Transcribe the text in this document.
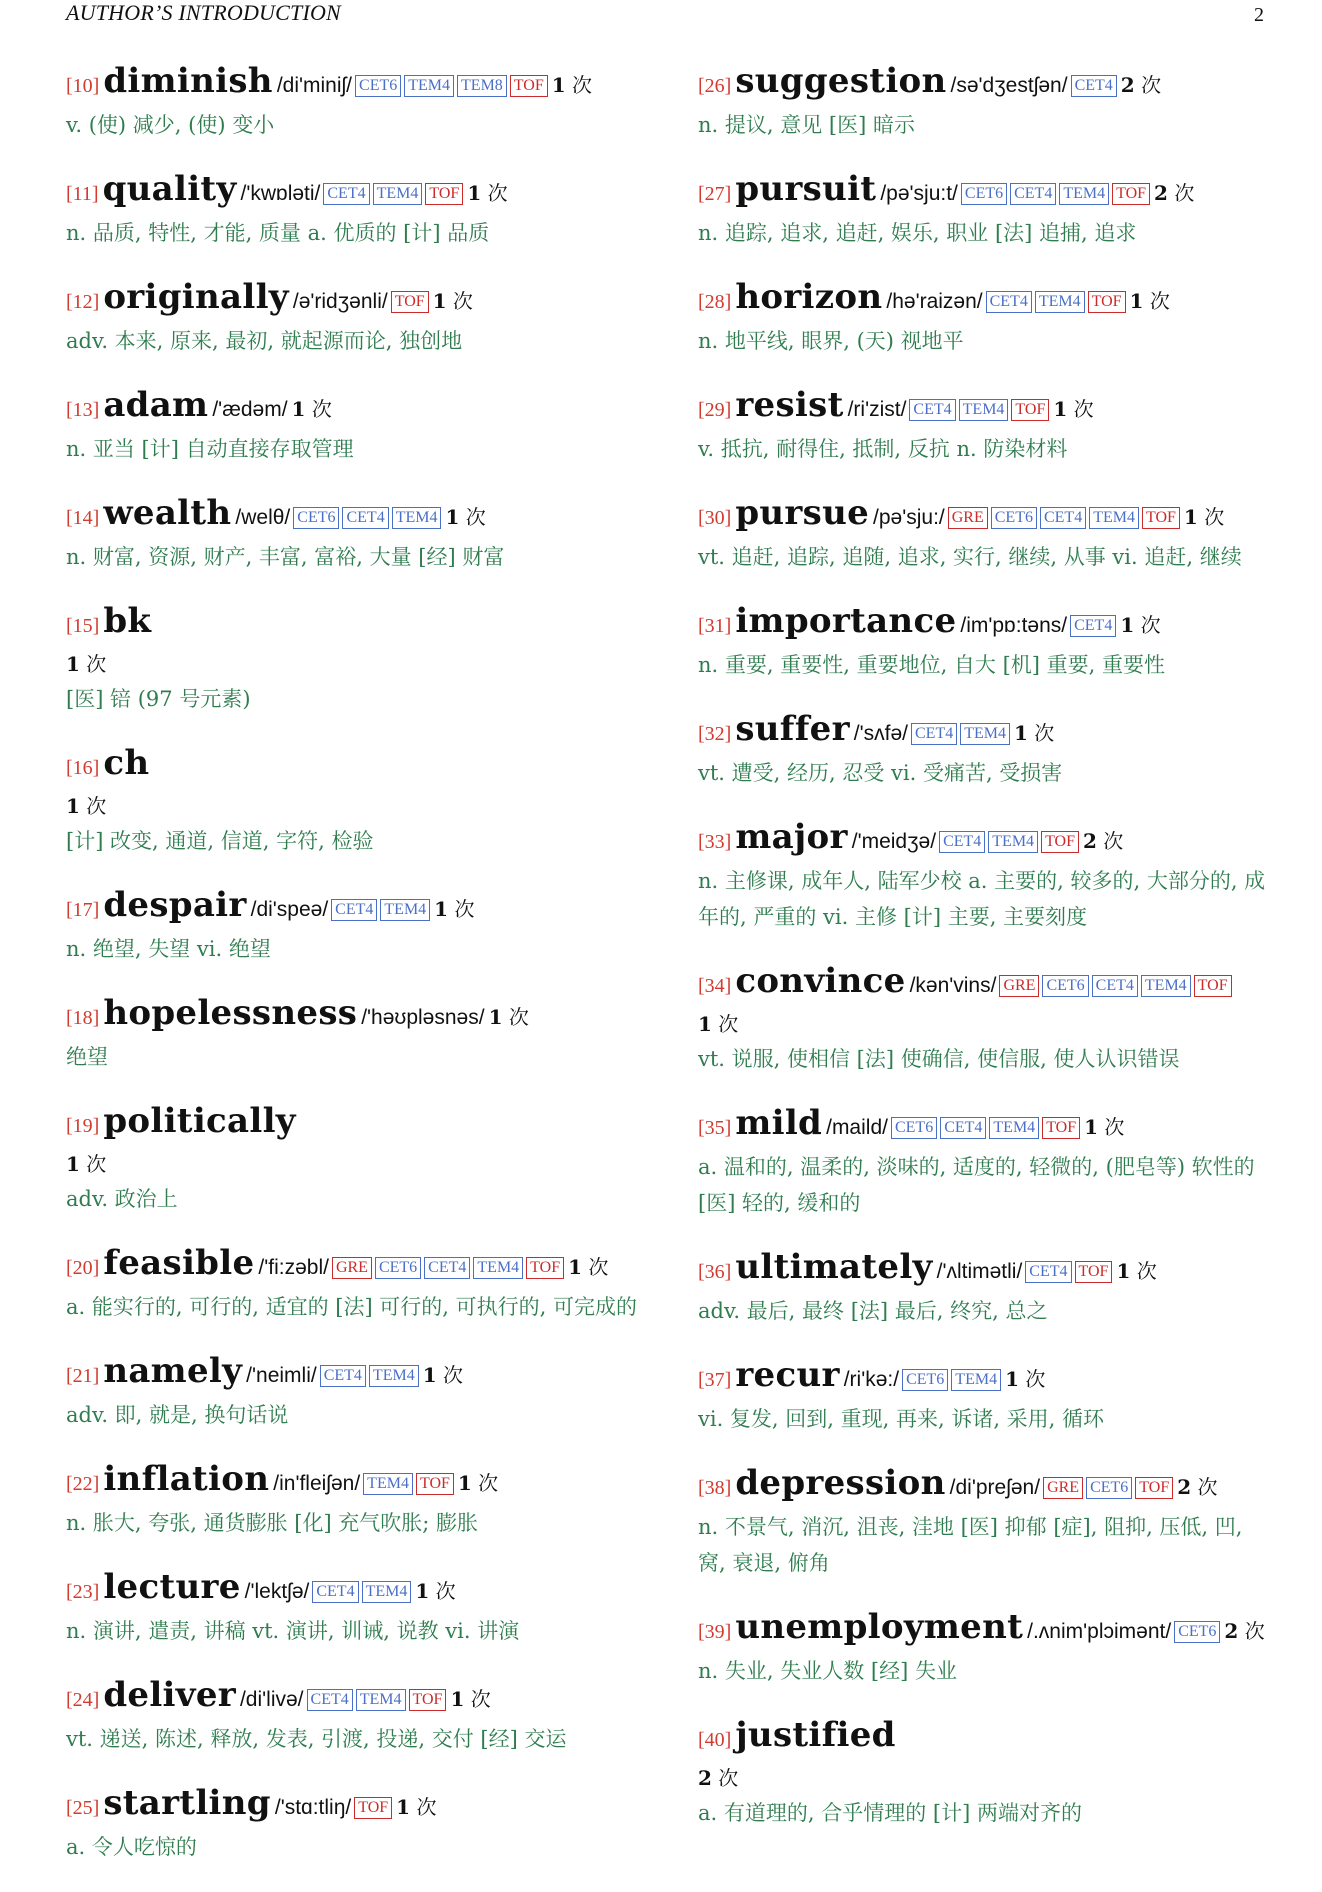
AUTHOR’S INTRODUCTION	2
[10] diminish /di'miniʃ/ CET6 TEM4 TEM8 TOF 1 次
v. (使) 减少, (使) 变小
[11] quality /'kwɒləti/ CET4 TEM4 TOF 1 次
n. 品质, 特性, 才能, 质量 a. 优质的 [计] 品质
[12] originally /ə'ridʒənli/ TOF 1 次
adv. 本来, 原来, 最初, 就起源而论, 独创地
[13] adam /'ædəm/ 1 次
n. 亚当 [计] 自动直接存取管理
[14] wealth /welθ/ CET6 CET4 TEM4 1 次
n. 财富, 资源, 财产, 丰富, 富裕, 大量 [经] 财富
[15] bk
1 次
[医] 锫 (97 号元素)
[16] ch
1 次
[计] 改变, 通道, 信道, 字符, 检验
[17] despair /di'speə/ CET4 TEM4 1 次
n. 绝望, 失望 vi. 绝望
[18] hopelessness /'həʊpləsnəs/ 1 次
绝望
[19] politically
1 次
adv. 政治上
[20] feasible /'fi:zəbl/ GRE CET6 CET4 TEM4 TOF 1 次
a. 能实行的, 可行的, 适宜的 [法] 可行的, 可执行的, 可完成的
[21] namely /'neimli/ CET4 TEM4 1 次
adv. 即, 就是, 换句话说
[22] inflation /in'fleiʃən/ TEM4 TOF 1 次
n. 胀大, 夸张, 通货膨胀 [化] 充气吹胀; 膨胀
[23] lecture /'lektʃə/ CET4 TEM4 1 次
n. 演讲, 遣责, 讲稿 vt. 演讲, 训诫, 说教 vi. 讲演
[24] deliver /di'livə/ CET4 TEM4 TOF 1 次
vt. 递送, 陈述, 释放, 发表, 引渡, 投递, 交付 [经] 交运
[25] startling /'stɑ:tliŋ/ TOF 1 次
a. 令人吃惊的
[26] suggestion /sə'dʒestʃən/ CET4 2 次
n. 提议, 意见 [医] 暗示
[27] pursuit /pə'sju:t/ CET6 CET4 TEM4 TOF 2 次
n. 追踪, 追求, 追赶, 娱乐, 职业 [法] 追捕, 追求
[28] horizon /hə'raizən/ CET4 TEM4 TOF 1 次
n. 地平线, 眼界, (天) 视地平
[29] resist /ri'zist/ CET4 TEM4 TOF 1 次
v. 抵抗, 耐得住, 抵制, 反抗 n. 防染材料
[30] pursue /pə'sju:/ GRE CET6 CET4 TEM4 TOF 1 次
vt. 追赶, 追踪, 追随, 追求, 实行, 继续, 从事 vi. 追赶, 继续
[31] importance /im'pɒ:təns/ CET4 1 次
n. 重要, 重要性, 重要地位, 自大 [机] 重要, 重要性
[32] suffer /'sʌfə/ CET4 TEM4 1 次
vt. 遭受, 经历, 忍受 vi. 受痛苦, 受损害
[33] major /'meidʒə/ CET4 TEM4 TOF 2 次
n. 主修课, 成年人, 陆军少校 a. 主要的, 较多的, 大部分的, 成年的, 严重的 vi. 主修 [计] 主要, 主要刻度
[34] convince /kən'vins/ GRE CET6 CET4 TEM4 TOF
1 次
vt. 说服, 使相信 [法] 使确信, 使信服, 使人认识错误
[35] mild /maild/ CET6 CET4 TEM4 TOF 1 次
a. 温和的, 温柔的, 淡味的, 适度的, 轻微的, (肥皂等) 软性的 [医] 轻的, 缓和的
[36] ultimately /'ʌltimətli/ CET4 TOF 1 次
adv. 最后, 最终 [法] 最后, 终究, 总之
[37] recur /ri'kə:/ CET6 TEM4 1 次
vi. 复发, 回到, 重现, 再来, 诉诸, 采用, 循环
[38] depression /di'preʃən/ GRE CET6 TOF 2 次
n. 不景气, 消沉, 沮丧, 洼地 [医] 抑郁 [症], 阻抑, 压低, 凹, 窝, 衰退, 俯角
[39] unemployment /.ʌnim'plɔimənt/ CET6 2 次
n. 失业, 失业人数 [经] 失业
[40] justified
2 次
a. 有道理的, 合乎情理的 [计] 两端对齐的
